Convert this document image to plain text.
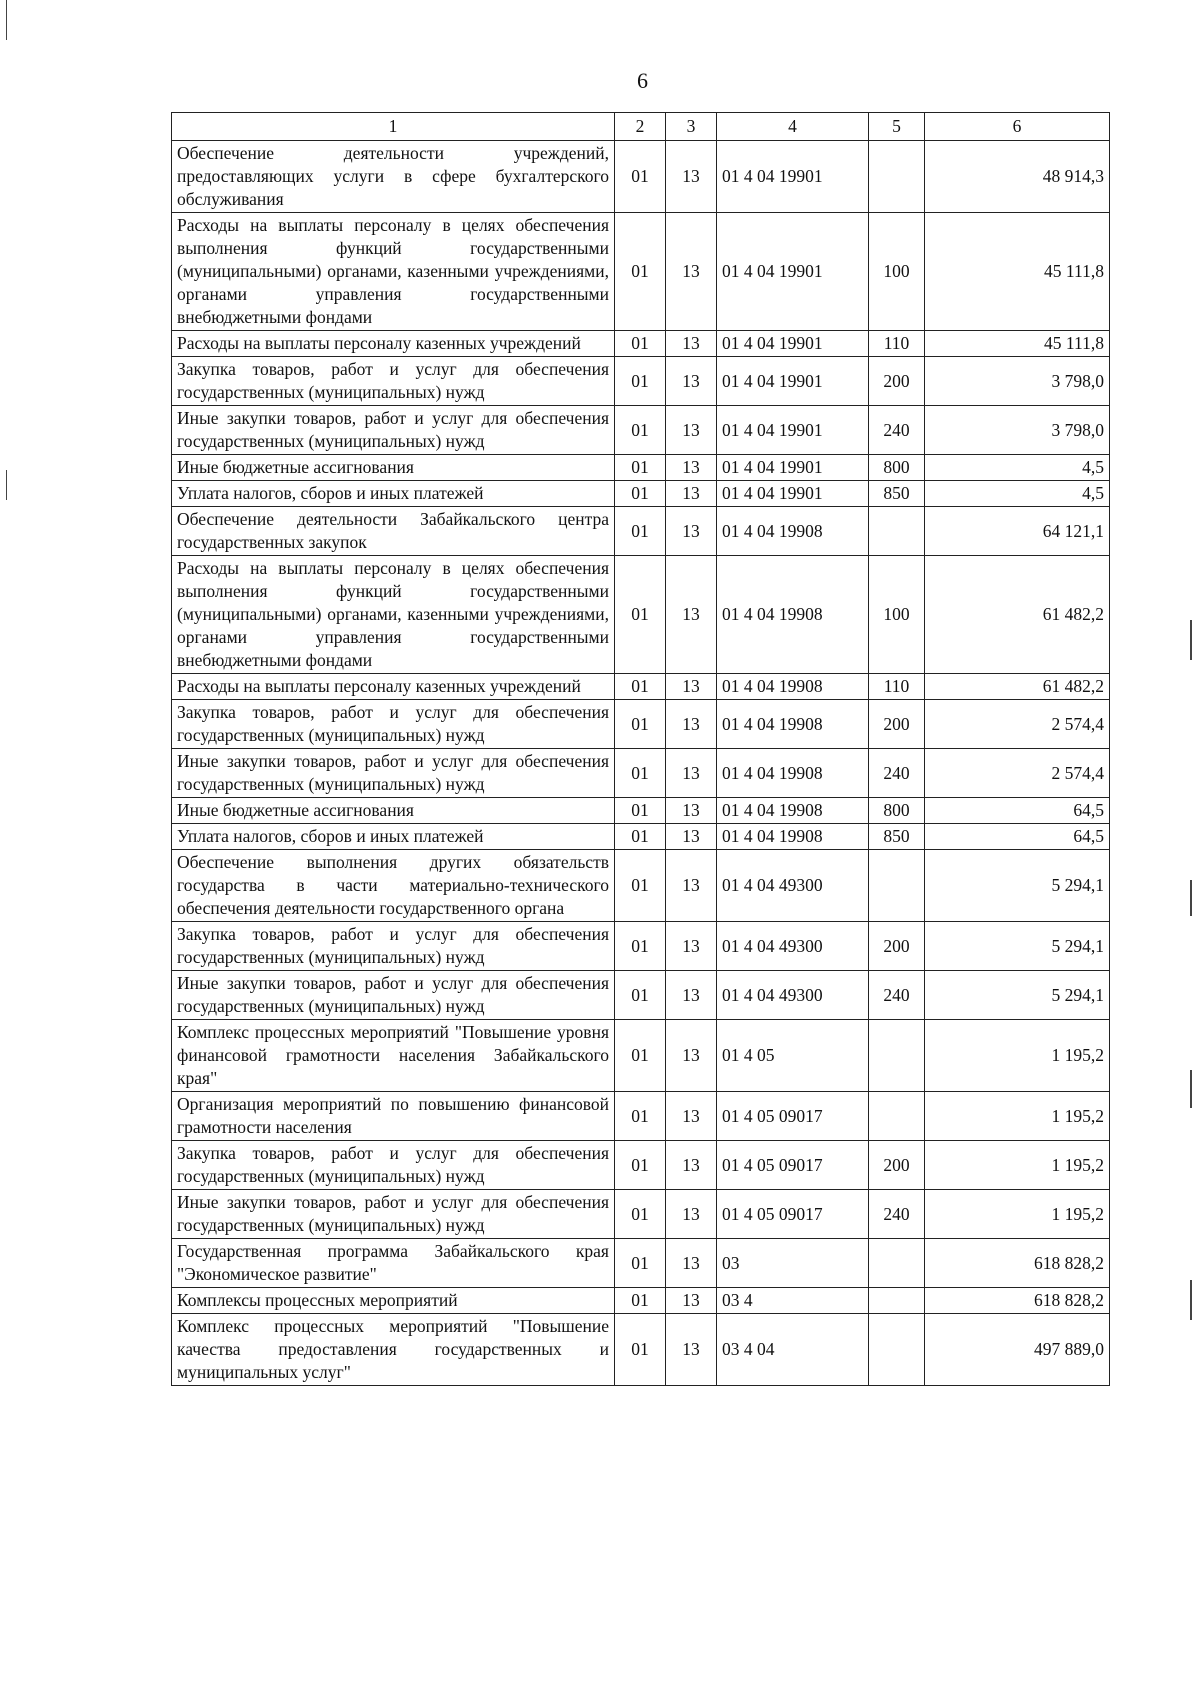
6
1	2	3	4	5	6
Обеспечение деятельности учреждений, предоставляющих услуги в сфере бухгалтерского обслуживания	01	13	01 4 04 19901		48 914,3
Расходы на выплаты персоналу в целях обеспечения выполнения функций государственными (муниципальными) органами, казенными учреждениями, органами управления государственными внебюджетными фондами	01	13	01 4 04 19901	100	45 111,8
Расходы на выплаты персоналу казенных учреждений	01	13	01 4 04 19901	110	45 111,8
Закупка товаров, работ и услуг для обеспечения государственных (муниципальных) нужд	01	13	01 4 04 19901	200	3 798,0
Иные закупки товаров, работ и услуг для обеспечения государственных (муниципальных) нужд	01	13	01 4 04 19901	240	3 798,0
Иные бюджетные ассигнования	01	13	01 4 04 19901	800	4,5
Уплата налогов, сборов и иных платежей	01	13	01 4 04 19901	850	4,5
Обеспечение деятельности Забайкальского центра государственных закупок	01	13	01 4 04 19908		64 121,1
Расходы на выплаты персоналу в целях обеспечения выполнения функций государственными (муниципальными) органами, казенными учреждениями, органами управления государственными внебюджетными фондами	01	13	01 4 04 19908	100	61 482,2
Расходы на выплаты персоналу казенных учреждений	01	13	01 4 04 19908	110	61 482,2
Закупка товаров, работ и услуг для обеспечения государственных (муниципальных) нужд	01	13	01 4 04 19908	200	2 574,4
Иные закупки товаров, работ и услуг для обеспечения государственных (муниципальных) нужд	01	13	01 4 04 19908	240	2 574,4
Иные бюджетные ассигнования	01	13	01 4 04 19908	800	64,5
Уплата налогов, сборов и иных платежей	01	13	01 4 04 19908	850	64,5
Обеспечение выполнения других обязательств государства в части материально-технического обеспечения деятельности государственного органа	01	13	01 4 04 49300		5 294,1
Закупка товаров, работ и услуг для обеспечения государственных (муниципальных) нужд	01	13	01 4 04 49300	200	5 294,1
Иные закупки товаров, работ и услуг для обеспечения государственных (муниципальных) нужд	01	13	01 4 04 49300	240	5 294,1
Комплекс процессных мероприятий "Повышение уровня финансовой грамотности населения Забайкальского края"	01	13	01 4 05		1 195,2
Организация мероприятий по повышению финансовой грамотности населения	01	13	01 4 05 09017		1 195,2
Закупка товаров, работ и услуг для обеспечения государственных (муниципальных) нужд	01	13	01 4 05 09017	200	1 195,2
Иные закупки товаров, работ и услуг для обеспечения государственных (муниципальных) нужд	01	13	01 4 05 09017	240	1 195,2
Государственная программа Забайкальского края "Экономическое развитие"	01	13	03		618 828,2
Комплексы процессных мероприятий	01	13	03 4		618 828,2
Комплекс процессных мероприятий "Повышение качества предоставления государственных и муниципальных услуг"	01	13	03 4 04		497 889,0
